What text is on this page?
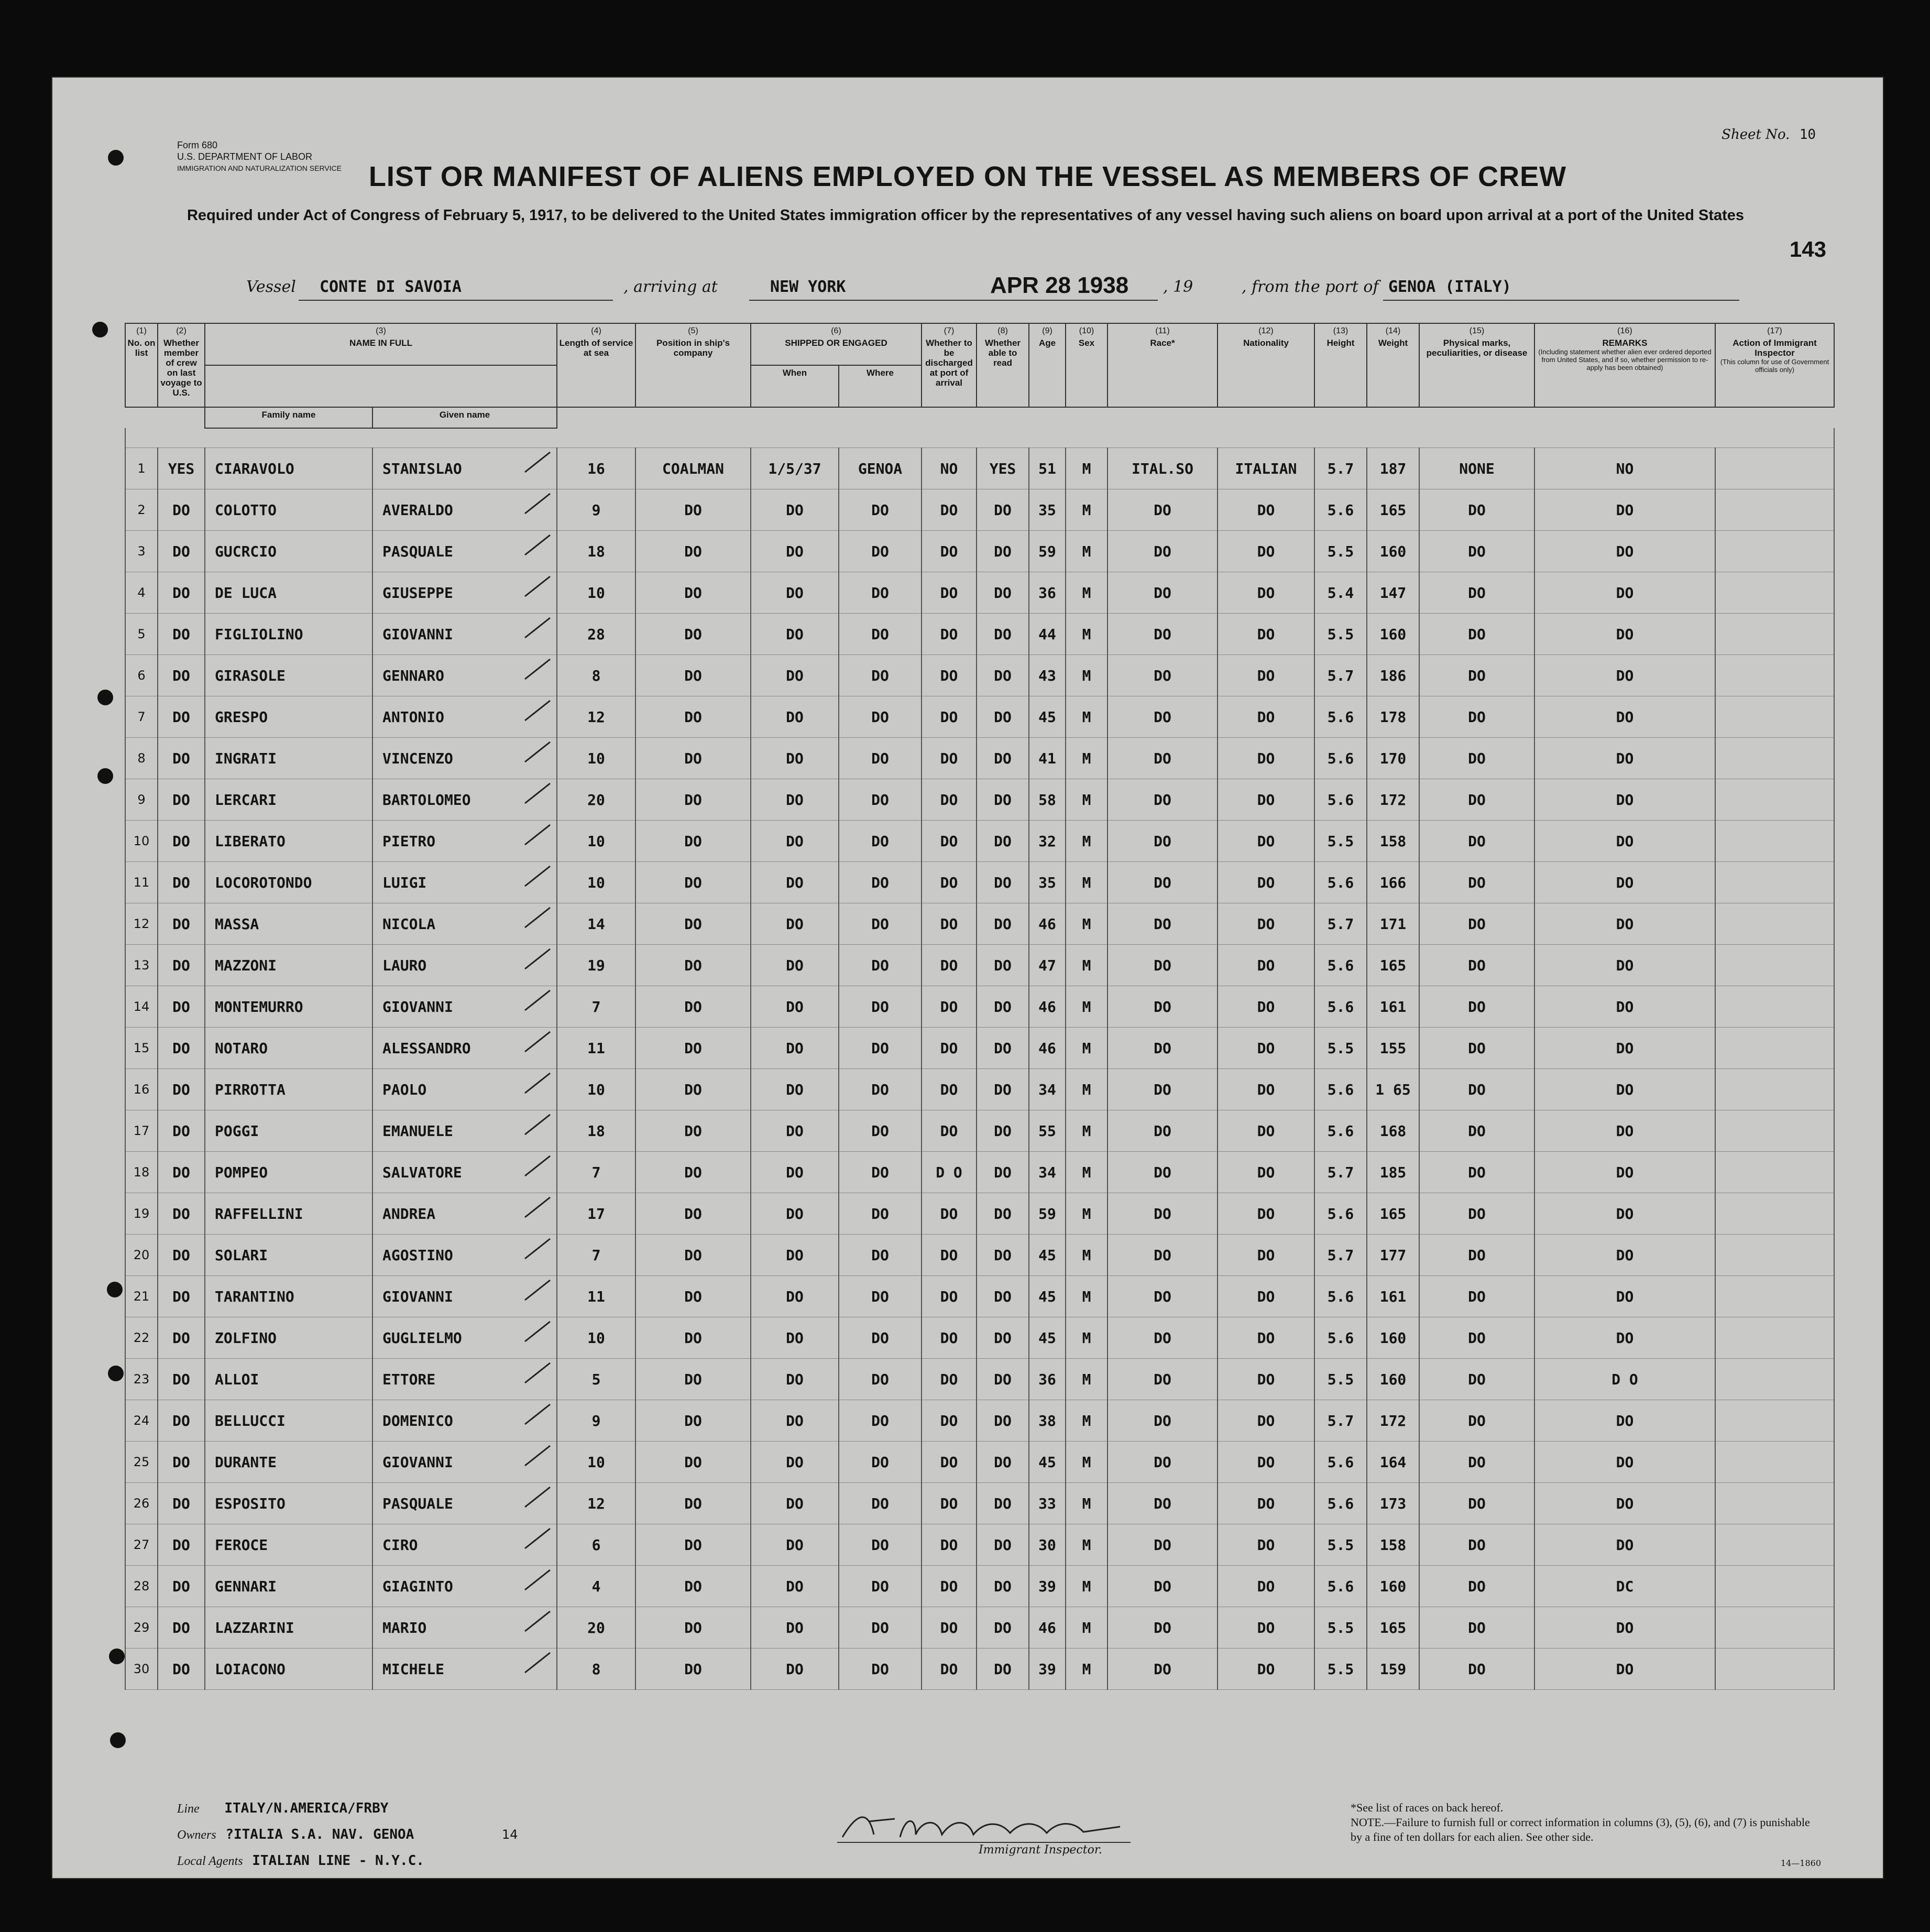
Form 680
U.S. DEPARTMENT OF LABOR
IMMIGRATION AND NATURALIZATION SERVICE
Sheet No. 10
143
LIST OR MANIFEST OF ALIENS EMPLOYED ON THE VESSEL AS MEMBERS OF CREW
Required under Act of Congress of February 5, 1917, to be delivered to the United States immigration officer by the representatives of any vessel having such aliens on board upon arrival at a port of the United States
Vessel CONTE DI SAVOIA	, arriving at	NEW YORK	APR 28 1938 , 19	, from the port of GENOA (ITALY)
(1)
No. on list	(2)
Whether member of crew on last voyage to U.S.	(3)
NAME IN FULL		(4)
Length of service at sea	(5)
Position in ship's company	(6)
SHIPPED OR ENGAGED		(7)
Whether to be discharged at port of arrival	(8)
Whether able to read	(9)
Age	(10)
Sex	(11)
Race*	(12)
Nationality	(13)
Height	(14)
Weight	(15)
Physical marks, peculiarities, or disease	(16)
REMARKS
(Including statement whether alien ever ordered deported from United States, and if so, whether permission to re-apply has been obtained)	(17)
Action of Immigrant Inspector
(This column for use of Government officials only)

						When	Where											
		Family name	Given name															

1	YES	CIARAVOLO	STANISLAO	16	COALMAN	1/5/37	GENOA	NO	YES	51	M	ITAL.SO	ITALIAN	5.7	187	NONE	NO	
2	DO	COLOTTO	AVERALDO	9	DO	DO	DO	DO	DO	35	M	DO	DO	5.6	165	DO	DO	
3	DO	GUCRCIO	PASQUALE	18	DO	DO	DO	DO	DO	59	M	DO	DO	5.5	160	DO	DO	
4	DO	DE LUCA	GIUSEPPE	10	DO	DO	DO	DO	DO	36	M	DO	DO	5.4	147	DO	DO	
5	DO	FIGLIOLINO	GIOVANNI	28	DO	DO	DO	DO	DO	44	M	DO	DO	5.5	160	DO	DO	
6	DO	GIRASOLE	GENNARO	8	DO	DO	DO	DO	DO	43	M	DO	DO	5.7	186	DO	DO	
7	DO	GRESPO	ANTONIO	12	DO	DO	DO	DO	DO	45	M	DO	DO	5.6	178	DO	DO	
8	DO	INGRATI	VINCENZO	10	DO	DO	DO	DO	DO	41	M	DO	DO	5.6	170	DO	DO	
9	DO	LERCARI	BARTOLOMEO	20	DO	DO	DO	DO	DO	58	M	DO	DO	5.6	172	DO	DO	
10	DO	LIBERATO	PIETRO	10	DO	DO	DO	DO	DO	32	M	DO	DO	5.5	158	DO	DO	
11	DO	LOCOROTONDO	LUIGI	10	DO	DO	DO	DO	DO	35	M	DO	DO	5.6	166	DO	DO	
12	DO	MASSA	NICOLA	14	DO	DO	DO	DO	DO	46	M	DO	DO	5.7	171	DO	DO	
13	DO	MAZZONI	LAURO	19	DO	DO	DO	DO	DO	47	M	DO	DO	5.6	165	DO	DO	
14	DO	MONTEMURRO	GIOVANNI	7	DO	DO	DO	DO	DO	46	M	DO	DO	5.6	161	DO	DO	
15	DO	NOTARO	ALESSANDRO	11	DO	DO	DO	DO	DO	46	M	DO	DO	5.5	155	DO	DO	
16	DO	PIRROTTA	PAOLO	10	DO	DO	DO	DO	DO	34	M	DO	DO	5.6	1 65	DO	DO	
17	DO	POGGI	EMANUELE	18	DO	DO	DO	DO	DO	55	M	DO	DO	5.6	168	DO	DO	
18	DO	POMPEO	SALVATORE	7	DO	DO	DO	D O	DO	34	M	DO	DO	5.7	185	DO	DO	
19	DO	RAFFELLINI	ANDREA	17	DO	DO	DO	DO	DO	59	M	DO	DO	5.6	165	DO	DO	
20	DO	SOLARI	AGOSTINO	7	DO	DO	DO	DO	DO	45	M	DO	DO	5.7	177	DO	DO	
21	DO	TARANTINO	GIOVANNI	11	DO	DO	DO	DO	DO	45	M	DO	DO	5.6	161	DO	DO	
22	DO	ZOLFINO	GUGLIELMO	10	DO	DO	DO	DO	DO	45	M	DO	DO	5.6	160	DO	DO	
23	DO	ALLOI	ETTORE	5	DO	DO	DO	DO	DO	36	M	DO	DO	5.5	160	DO	D O	
24	DO	BELLUCCI	DOMENICO	9	DO	DO	DO	DO	DO	38	M	DO	DO	5.7	172	DO	DO	
25	DO	DURANTE	GIOVANNI	10	DO	DO	DO	DO	DO	45	M	DO	DO	5.6	164	DO	DO	
26	DO	ESPOSITO	PASQUALE	12	DO	DO	DO	DO	DO	33	M	DO	DO	5.6	173	DO	DO	
27	DO	FEROCE	CIRO	6	DO	DO	DO	DO	DO	30	M	DO	DO	5.5	158	DO	DO	
28	DO	GENNARI	GIAGINTO	4	DO	DO	DO	DO	DO	39	M	DO	DO	5.6	160	DO	DC	
29	DO	LAZZARINI	MARIO	20	DO	DO	DO	DO	DO	46	M	DO	DO	5.5	165	DO	DO	
30	DO	LOIACONO	MICHELE	8	DO	DO	DO	DO	DO	39	M	DO	DO	5.5	159	DO	DO	
Line ITALY/N.AMERICA/FRBY
Owners ?ITALIA S.A. NAV. GENOA	14
Local Agents ITALIAN LINE - N.Y.C.
Immigrant Inspector.
*See list of races on back hereof.
NOTE.—Failure to furnish full or correct information in columns (3), (5), (6), and (7) is punishable by a fine of ten dollars for each alien. See other side.
14—1860
